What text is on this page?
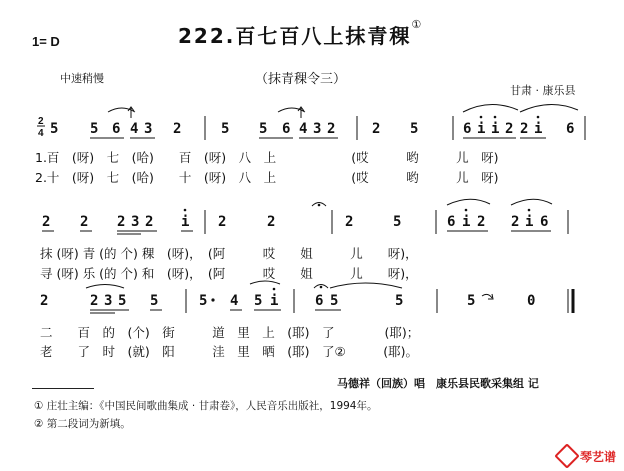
1= D	222.百七百八上抹青稞①
中速稍慢	（抹青稞令三）
甘肃 · 康乐县
2
4 5 5 6 4 3 2	5 5 6 4 3 2	2 5	6 i i 2 2 i 6
2 2 2 3 2 i 2	2	2	5	6 i 2 2 i 6
2	2 3 5 5	5 4 5 i	6 5	5	5	0
1.百　(呀)　七　(哈)　　百　(呀)　八　上　　　　　　(哎　　　哟　　　儿　呀)
2.十　(呀)　七　(哈)　　十　(呀)　八　上　　　　　　(哎　　　哟　　　儿　呀)
抹 (呀) 青 (的 个) 稞　(呀)，　(阿　　　哎　　姐　　　儿　　呀)，
寻 (呀) 乐 (的 个) 和　(呀)，　(阿　　　哎　　姐　　　儿　　呀)，
二　　百　的　(个)　街　　　道　里　上　(耶)　了　　　　(耶)；
老　　了　时　(就)　阳　　　洼　里　晒　(耶)　了②　　　(耶)。
马德祥（回族）唱　康乐县民歌采集组 记
① 庄壮主编：《中国民间歌曲集成 · 甘肃卷》，人民音乐出版社，1994年。
② 第二段词为新填。
琴艺谱
